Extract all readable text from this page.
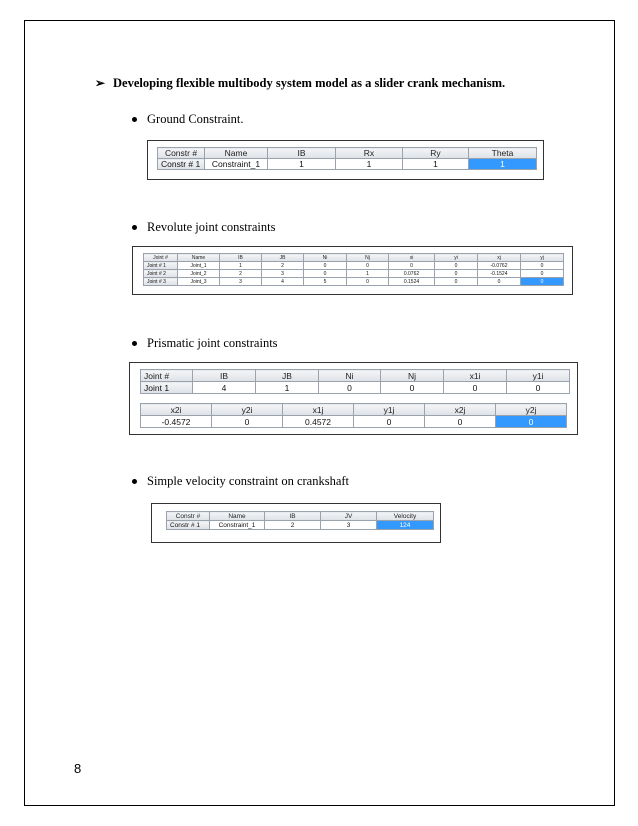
➢ Developing flexible multibody system model as a slider crank mechanism.
Ground Constraint.
Constr #	Name	IB	Rx	Ry	Theta
Constr # 1	Constraint_1	1	1	1	1
Revolute joint constraints
Joint #	Name	IB	JB	Ni	Nj	xi	yi	xj	yj
Joint # 1	Joint_1	1	2	0	0	0	0	-0.0762	0
Joint # 2	Joint_2	2	3	0	1	0.0762	0	-0.1524	0
Joint # 3	Joint_3	3	4	5	0	0.1524	0	0	0
Prismatic joint constraints
Joint #	IB	JB	Ni	Nj	x1i	y1i
Joint 1	4	1	0	0	0	0
x2i	y2i	x1j	y1j	x2j	y2j
-0.4572	0	0.4572	0	0	0
Simple velocity constraint on crankshaft
Constr #	Name	IB	JV	Velocity
Constr # 1	Constraint_1	2	3	124
8
